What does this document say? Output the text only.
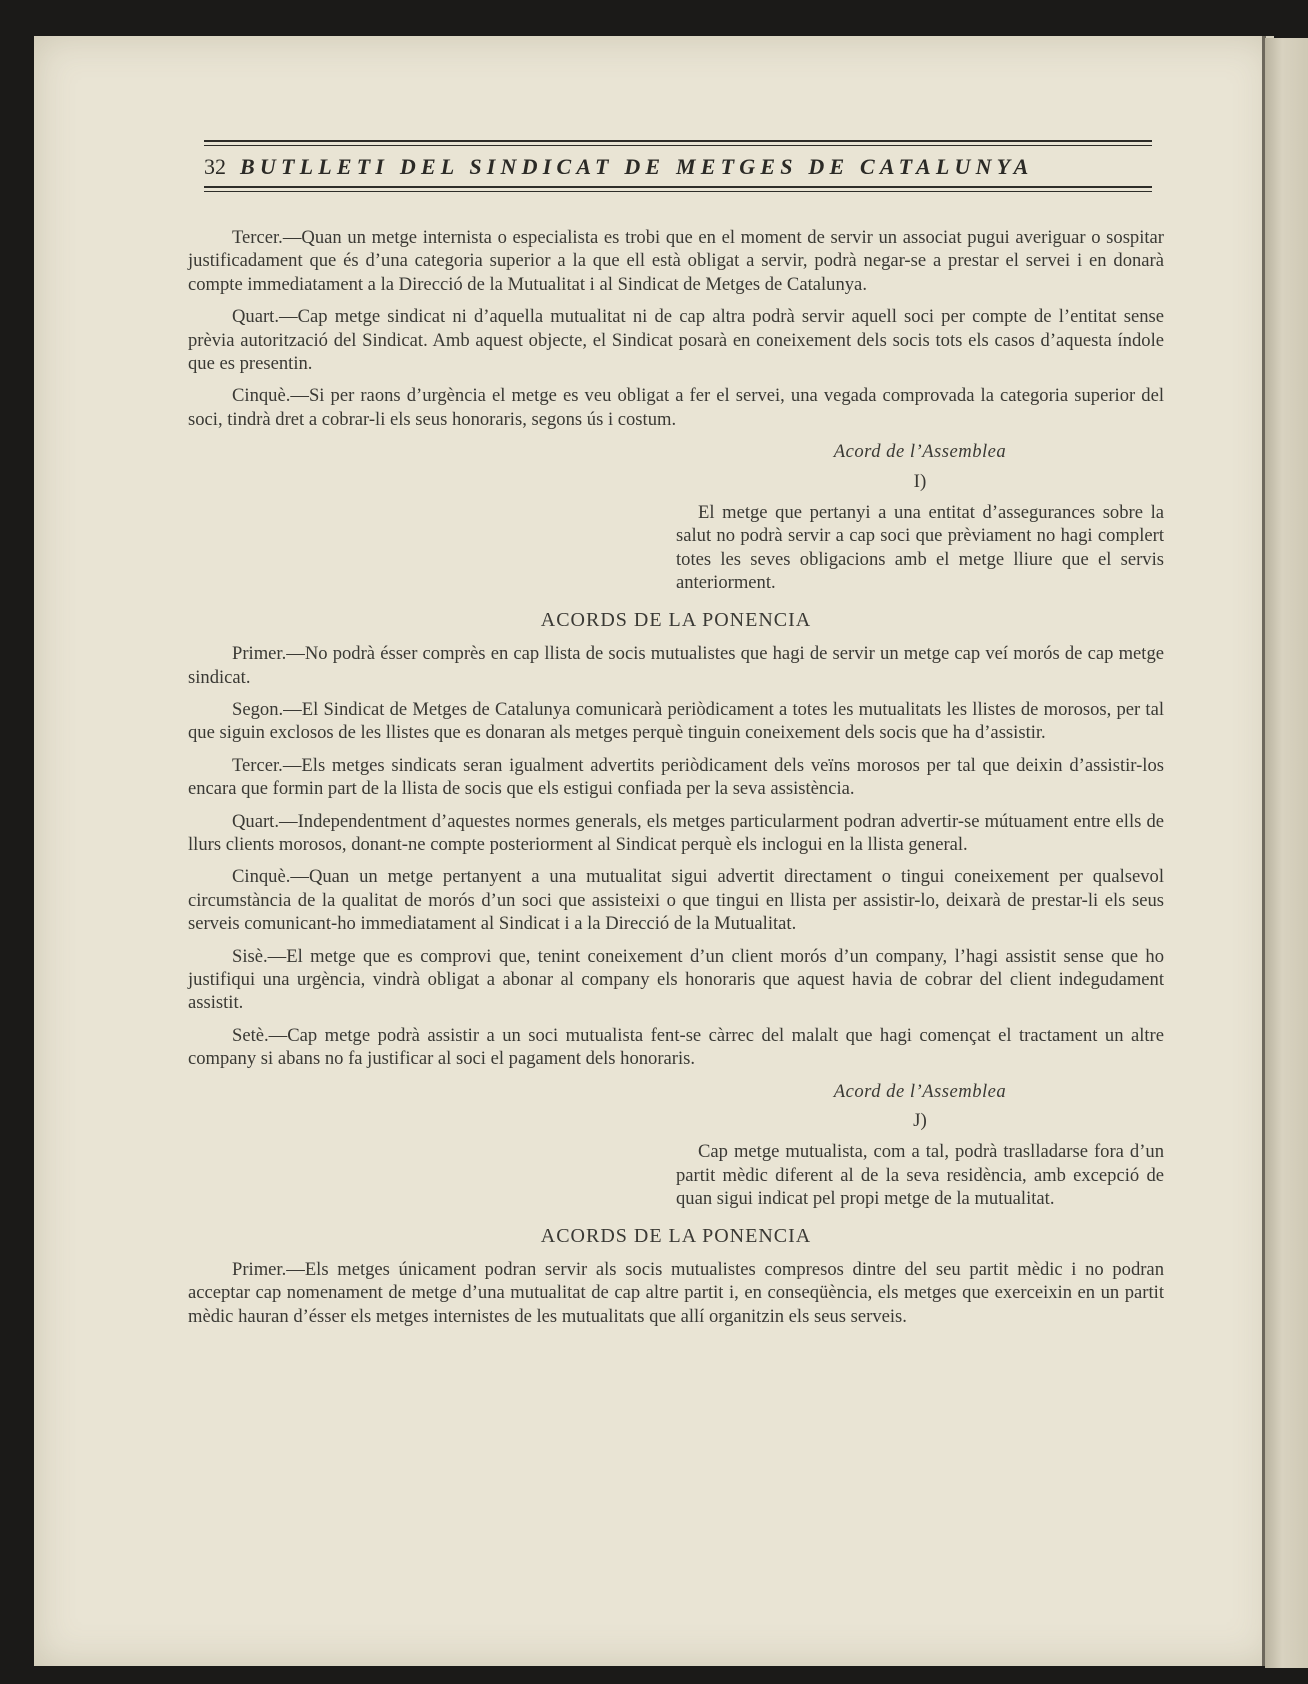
32 BUTLLETI DEL SINDICAT DE METGES DE CATALUNYA

Tercer.—Quan un metge internista o especialista es trobi que en el moment de servir un associat pugui averiguar o sospitar justificadament que és d’una categoria superior a la que ell està obligat a servir, podrà negar-se a prestar el servei i en donarà compte immediatament a la Direcció de la Mutualitat i al Sindicat de Metges de Catalunya.

Quart.—Cap metge sindicat ni d’aquella mutualitat ni de cap altra podrà servir aquell soci per compte de l’entitat sense prèvia autorització del Sindicat. Amb aquest objecte, el Sindicat posarà en coneixement dels socis tots els casos d’aquesta índole que es presentin.

Cinquè.—Si per raons d’urgència el metge es veu obligat a fer el servei, una vegada comprovada la categoria superior del soci, tindrà dret a cobrar-li els seus honoraris, segons ús i costum.

Acord de l’Assemblea
I)

El metge que pertanyi a una entitat d’assegurances sobre la salut no podrà servir a cap soci que prèviament no hagi complert totes les seves obligacions amb el metge lliure que el servis anteriorment.

ACORDS DE LA PONENCIA

Primer.—No podrà ésser comprès en cap llista de socis mutualistes que hagi de servir un metge cap veí morós de cap metge sindicat.

Segon.—El Sindicat de Metges de Catalunya comunicarà periòdicament a totes les mutualitats les llistes de morosos, per tal que siguin exclosos de les llistes que es donaran als metges perquè tinguin coneixement dels socis que ha d’assistir.

Tercer.—Els metges sindicats seran igualment advertits periòdicament dels veïns morosos per tal que deixin d’assistir-los encara que formin part de la llista de socis que els estigui confiada per la seva assistència.

Quart.—Independentment d’aquestes normes generals, els metges particularment podran advertir-se mútuament entre ells de llurs clients morosos, donant-ne compte posteriorment al Sindicat perquè els inclogui en la llista general.

Cinquè.—Quan un metge pertanyent a una mutualitat sigui advertit directament o tingui coneixement per qualsevol circumstància de la qualitat de morós d’un soci que assisteixi o que tingui en llista per assistir-lo, deixarà de prestar-li els seus serveis comunicant-ho immediatament al Sindicat i a la Direcció de la Mutualitat.

Sisè.—El metge que es comprovi que, tenint coneixement d’un client morós d’un company, l’hagi assistit sense que ho justifiqui una urgència, vindrà obligat a abonar al company els honoraris que aquest havia de cobrar del client indegudament assistit.

Setè.—Cap metge podrà assistir a un soci mutualista fent-se càrrec del malalt que hagi començat el tractament un altre company si abans no fa justificar al soci el pagament dels honoraris.

Acord de l’Assemblea
J)

Cap metge mutualista, com a tal, podrà traslladarse fora d’un partit mèdic diferent al de la seva residència, amb excepció de quan sigui indicat pel propi metge de la mutualitat.

ACORDS DE LA PONENCIA

Primer.—Els metges únicament podran servir als socis mutualistes compresos dintre del seu partit mèdic i no podran acceptar cap nomenament de metge d’una mutualitat de cap altre partit i, en conseqüència, els metges que exerceixin en un partit mèdic hauran d’ésser els metges internistes de les mutualitats que allí organitzin els seus serveis.
